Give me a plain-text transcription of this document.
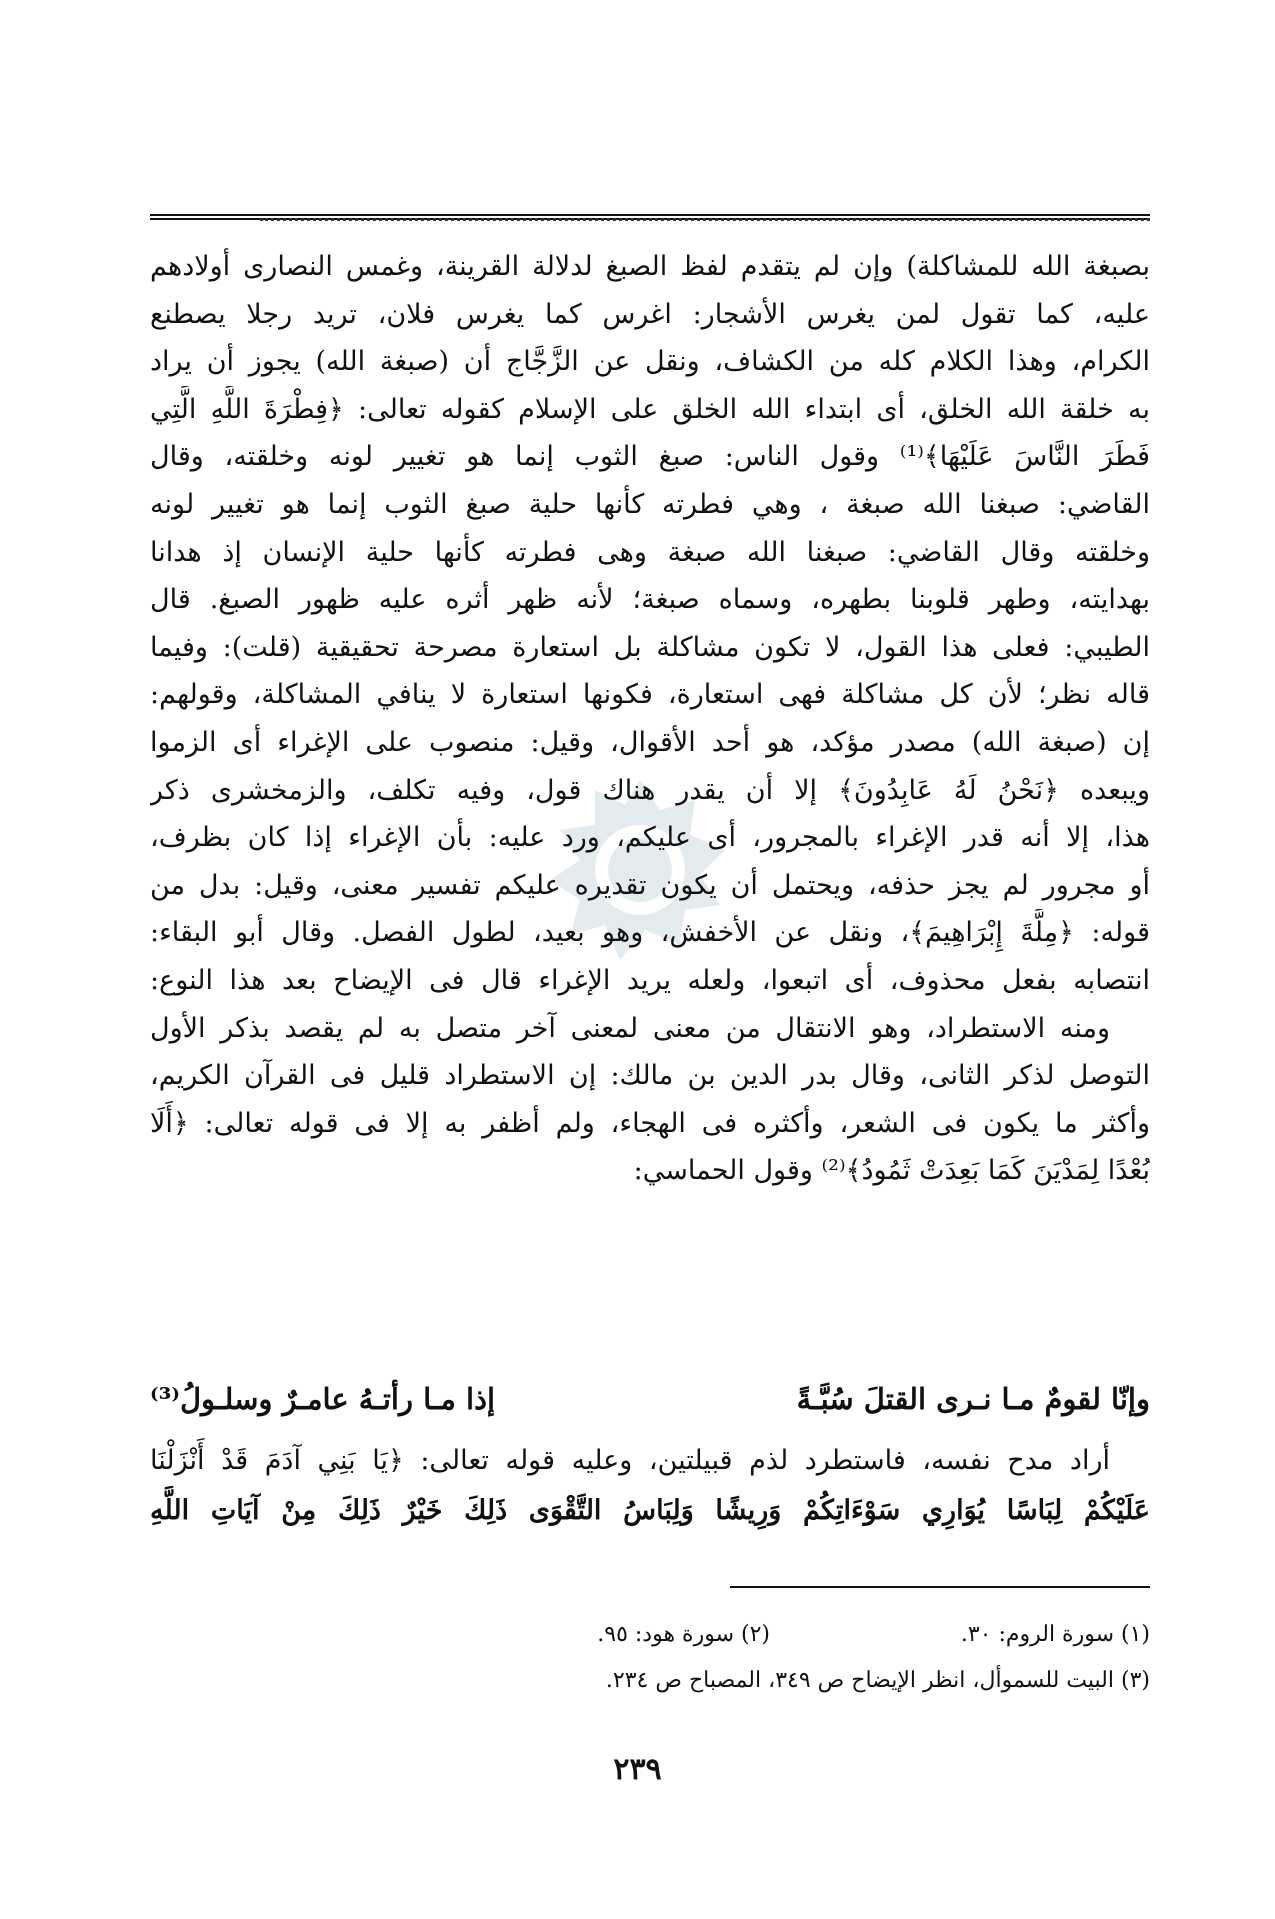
بصبغة الله للمشاكلة) وإن لم يتقدم لفظ الصبغ لدلالة القرينة، وغمس النصارى أولادهم
عليه، كما تقول لمن يغرس الأشجار: اغرس كما يغرس فلان، تريد رجلا يصطنع
الكرام، وهذا الكلام كله من الكشاف، ونقل عن الزَّجَّاج أن (صبغة الله) يجوز أن يراد
به خلقة الله الخلق، أى ابتداء الله الخلق على الإسلام كقوله تعالى: ﴿فِطْرَةَ اللَّهِ الَّتِي
فَطَرَ النَّاسَ عَلَيْهَا﴾⁽¹⁾ وقول الناس: صبغ الثوب إنما هو تغيير لونه وخلقته، وقال
القاضي: صبغنا الله صبغة ، وهي فطرته كأنها حلية صبغ الثوب إنما هو تغيير لونه
وخلقته وقال القاضي: صبغنا الله صبغة وهى فطرته كأنها حلية الإنسان إذ هدانا
بهدايته، وطهر قلوبنا بطهره، وسماه صبغة؛ لأنه ظهر أثره عليه ظهور الصبغ. قال
الطيبي: فعلى هذا القول، لا تكون مشاكلة بل استعارة مصرحة تحقيقية (قلت): وفيما
قاله نظر؛ لأن كل مشاكلة فهى استعارة، فكونها استعارة لا ينافي المشاكلة، وقولهم:
إن (صبغة الله) مصدر مؤكد، هو أحد الأقوال، وقيل: منصوب على الإغراء أى الزموا
ويبعده ﴿نَحْنُ لَهُ عَابِدُونَ﴾ إلا أن يقدر هناك قول، وفيه تكلف، والزمخشرى ذكر
هذا، إلا أنه قدر الإغراء بالمجرور، أى عليكم، ورد عليه: بأن الإغراء إذا كان بظرف،
أو مجرور لم يجز حذفه، ويحتمل أن يكون تقديره عليكم تفسير معنى، وقيل: بدل من
قوله: ﴿مِلَّةَ إِبْرَاهِيمَ﴾، ونقل عن الأخفش، وهو بعيد، لطول الفصل. وقال أبو البقاء:
انتصابه بفعل محذوف، أى اتبعوا، ولعله يريد الإغراء قال فى الإيضاح بعد هذا النوع:
ومنه الاستطراد، وهو الانتقال من معنى لمعنى آخر متصل به لم يقصد بذكر الأول
التوصل لذكر الثانى، وقال بدر الدين بن مالك: إن الاستطراد قليل فى القرآن الكريم،
وأكثر ما يكون فى الشعر، وأكثره فى الهجاء، ولم أظفر به إلا فى قوله تعالى: ﴿أَلَا
بُعْدًا لِمَدْيَنَ كَمَا بَعِدَتْ ثَمُودُ﴾⁽²⁾ وقول الحماسي:
وإنّا لقومٌ مـا نـرى القتلَ سُبَّـةً
إذا مـا رأتـهُ عامـرٌ وسلـولُ⁽³⁾
أراد مدح نفسه، فاستطرد لذم قبيلتين، وعليه قوله تعالى: ﴿يَا بَنِي آدَمَ قَدْ أَنْزَلْنَا
عَلَيْكُمْ لِبَاسًا يُوَارِي سَوْءَاتِكُمْ وَرِيشًا وَلِبَاسُ التَّقْوَى ذَلِكَ خَيْرٌ ذَلِكَ مِنْ آيَاتِ اللَّهِ
(١) سورة الروم: ٣٠.
(٢) سورة هود: ٩٥.
(٣) البيت للسموأل، انظر الإيضاح ص ٣٤٩، المصباح ص ٢٣٤.
٢٣٩
